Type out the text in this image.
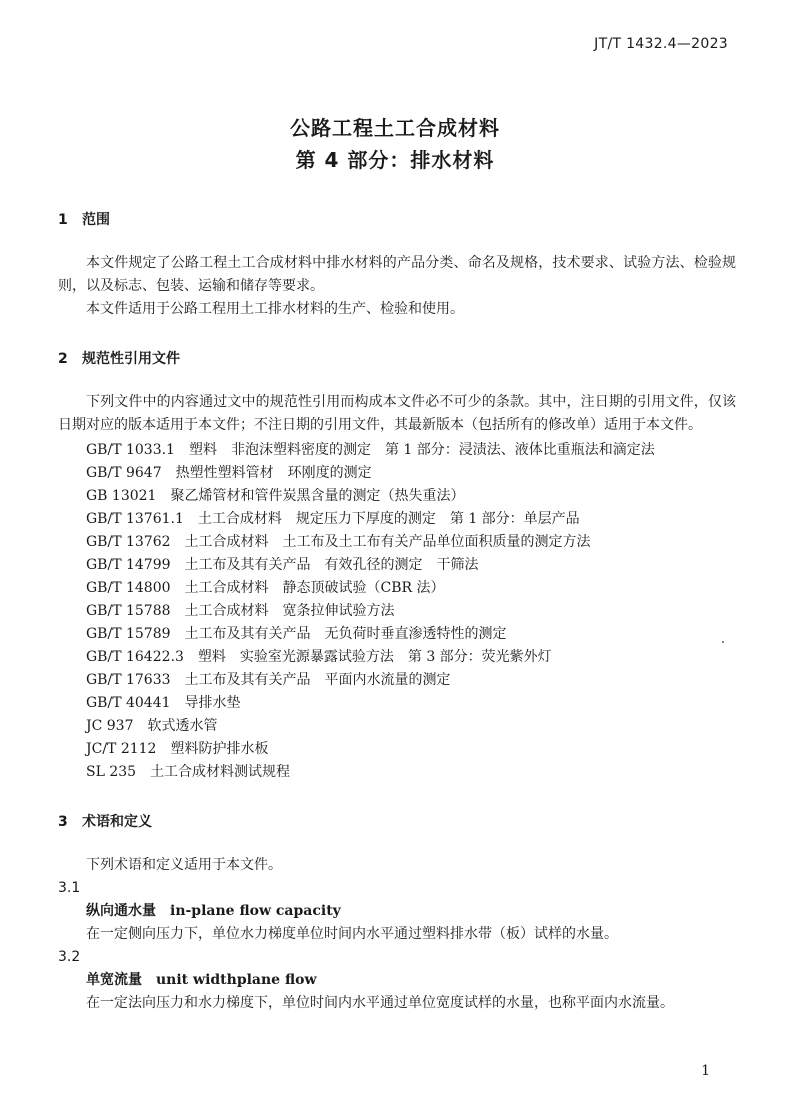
JT/T 1432.4—2023
公路工程土工合成材料
第 4 部分：排水材料
1 范围

本文件规定了公路工程土工合成材料中排水材料的产品分类、命名及规格，技术要求、试验方法、检验规则，以及标志、包装、运输和储存等要求。

本文件适用于公路工程用土工排水材料的生产、检验和使用。

2 规范性引用文件

下列文件中的内容通过文中的规范性引用而构成本文件必不可少的条款。其中，注日期的引用文件，仅该日期对应的版本适用于本文件；不注日期的引用文件，其最新版本（包括所有的修改单）适用于本文件。

GB/T 1033.1 塑料　非泡沫塑料密度的测定　第 1 部分：浸渍法、液体比重瓶法和滴定法
GB/T 9647 热塑性塑料管材　环刚度的测定
GB 13021 聚乙烯管材和管件炭黑含量的测定（热失重法）
GB/T 13761.1 土工合成材料　规定压力下厚度的测定　第 1 部分：单层产品
GB/T 13762 土工合成材料　土工布及土工布有关产品单位面积质量的测定方法
GB/T 14799 土工布及其有关产品　有效孔径的测定　干筛法
GB/T 14800 土工合成材料　静态顶破试验（CBR 法）
GB/T 15788 土工合成材料　宽条拉伸试验方法
GB/T 15789 土工布及其有关产品　无负荷时垂直渗透特性的测定
GB/T 16422.3 塑料　实验室光源暴露试验方法　第 3 部分：荧光紫外灯
GB/T 17633 土工布及其有关产品　平面内水流量的测定
GB/T 40441 导排水垫
JC 937 软式透水管
JC/T 2112 塑料防护排水板
SL 235 土工合成材料测试规程
3 术语和定义

下列术语和定义适用于本文件。

3.1

纵向通水量 in-plane flow capacity

在一定侧向压力下，单位水力梯度单位时间内水平通过塑料排水带（板）试样的水量。

3.2

单宽流量 unit widthplane flow

在一定法向压力和水力梯度下，单位时间内水平通过单位宽度试样的水量，也称平面内水流量。

1
